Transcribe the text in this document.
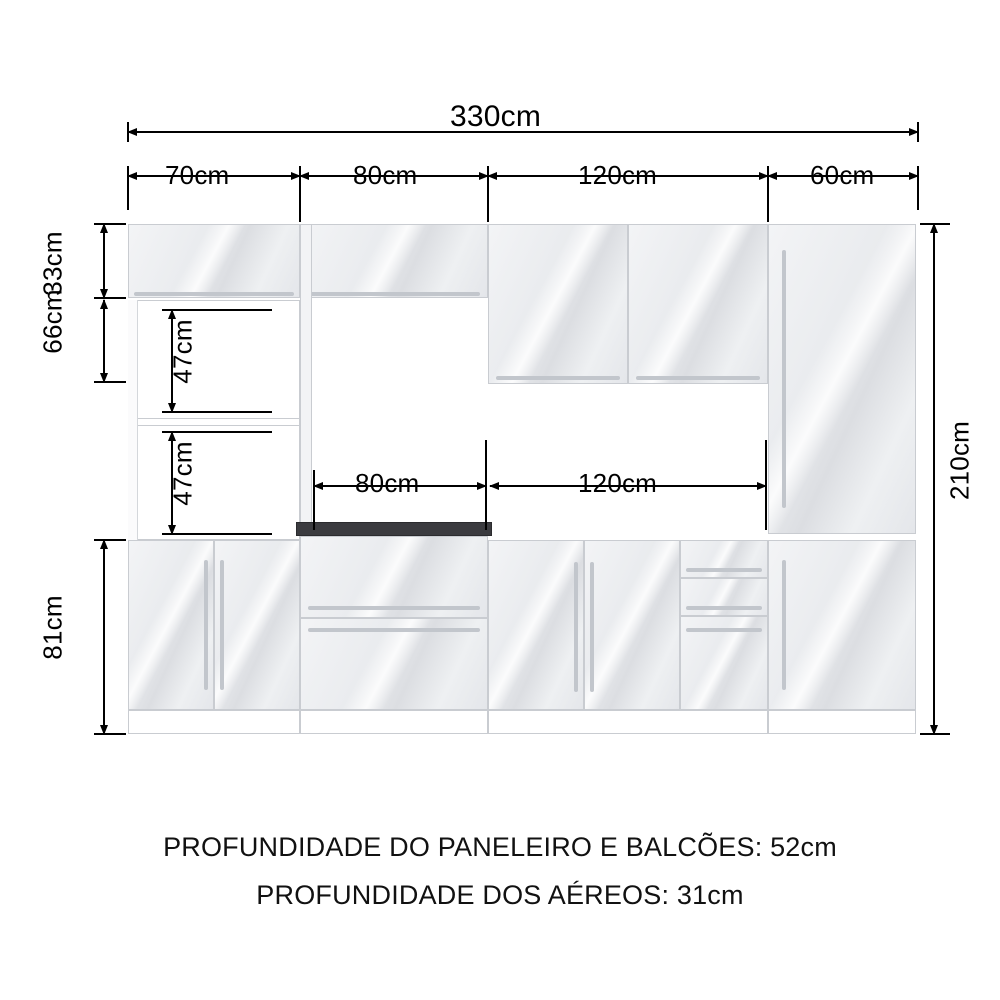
330cm
70cm	80cm	120cm	60cm
33cm
66cm
81cm
47cm
47cm	80cm	120cm	210cm
PROFUNDIDADE DO PANELEIRO E BALCÕES: 52cm
PROFUNDIDADE DOS AÉREOS: 31cm
